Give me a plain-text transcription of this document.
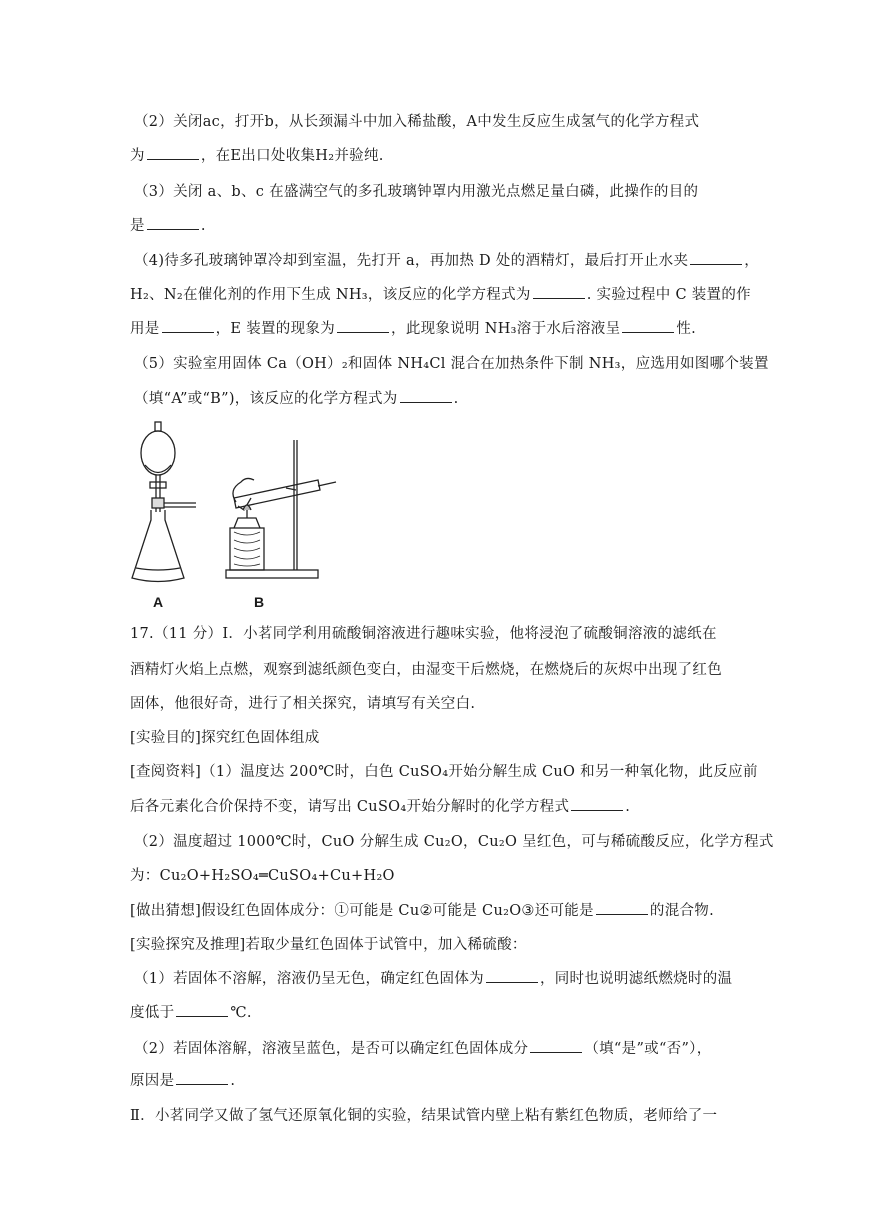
（2）关闭ac，打开b，从长颈漏斗中加入稀盐酸，A中发生反应生成氢气的化学方程式
为	，在E出口处收集H₂并验纯.
（3）关闭 a、b、c 在盛满空气的多孔玻璃钟罩内用激光点燃足量白磷，此操作的目的
是	.
（4)待多孔玻璃钟罩冷却到室温，先打开 a，再加热 D 处的酒精灯，最后打开止水夹	，
H₂、N₂在催化剂的作用下生成 NH₃，该反应的化学方程式为	. 实验过程中 C 装置的作
用是	，E 装置的现象为	，此现象说明 NH₃溶于水后溶液呈	性.
（5）实验室用固体 Ca（OH）₂和固体 NH₄Cl 混合在加热条件下制 NH₃，应选用如图哪个装置
（填“A”或“B”)，该反应的化学方程式为	.
17.（11 分）Ⅰ．小茗同学利用硫酸铜溶液进行趣味实验，他将浸泡了硫酸铜溶液的滤纸在
酒精灯火焰上点燃，观察到滤纸颜色变白，由湿变干后燃烧，在燃烧后的灰烬中出现了红色
固体，他很好奇，进行了相关探究，请填写有关空白.
[实验目的]探究红色固体组成
[查阅资料]（1）温度达 200℃时，白色 CuSO₄开始分解生成 CuO 和另一种氧化物，此反应前
后各元素化合价保持不变，请写出 CuSO₄开始分解时的化学方程式	.
（2）温度超过 1000℃时，CuO 分解生成 Cu₂O，Cu₂O 呈红色，可与稀硫酸反应，化学方程式
为：Cu₂O+H₂SO₄═CuSO₄+Cu+H₂O
[做出猜想]假设红色固体成分：①可能是 Cu②可能是 Cu₂O③还可能是	的混合物.
[实验探究及推理]若取少量红色固体于试管中，加入稀硫酸：
（1）若固体不溶解，溶液仍呈无色，确定红色固体为	，同时也说明滤纸燃烧时的温
度低于	℃.
（2）若固体溶解，溶液呈蓝色，是否可以确定红色固体成分	（填“是”或“否”），
原因是	.
Ⅱ．小茗同学又做了氢气还原氧化铜的实验，结果试管内壁上粘有紫红色物质，老师给了一
A	B
